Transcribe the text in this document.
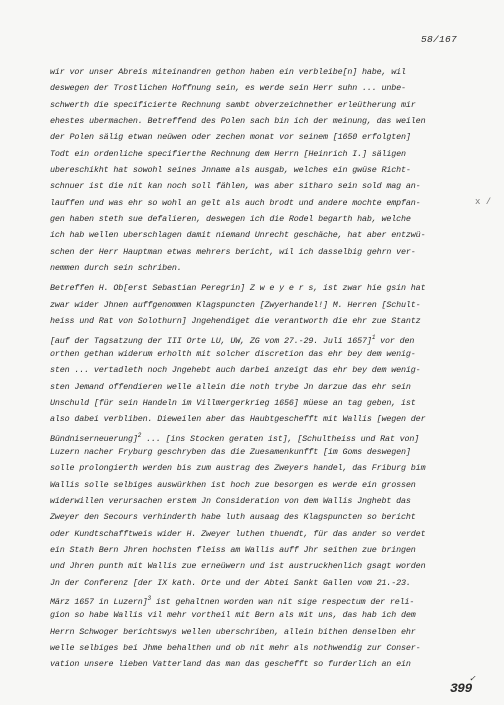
58/167
wir vor unser Abreis miteinandren gethon haben ein verbleibe[n] habe, wil
deswegen der Trostlichen Hoffnung sein, es werde sein Herr suhn ... unbe-
schwerth die specificierte Rechnung sambt obverzeichnether erleütherung mir
ehestes ubermachen. Betreffend des Polen sach bin ich der meinung, das weilen
der Polen sälig etwan neüwen oder zechen monat vor seinem [1650 erfolgten]
Todt ein ordenliche specifierthe Rechnung dem Herrn [Heinrich I.] säligen
ubereschikht hat sowohl seines Jnname als ausgab, welches ein gwüse Richt-
schnuer ist die nit kan noch soll fählen, was aber sitharo sein sold mag an-
lauffen und was ehr so wohl an gelt als auch brodt und andere mochte empfan-
gen haben steth sue defalieren, deswegen ich die Rodel begarth hab, welche
ich hab wellen uberschlagen damit niemand Unrecht geschäche, hat aber entzwü-
schen der Herr Hauptman etwas mehrers bericht, wil ich dasselbig gehrn ver-
nemmen durch sein schriben.
Betreffen H. Ob[erst Sebastian Peregrin] Z w e y e r s, ist zwar hie gsin hat
zwar wider Jhnen auffgenommen Klagspuncten [Zwyerhandel!] M. Herren [Schult-
heiss und Rat von Solothurn] Jngehendiget die verantworth die ehr zue Stantz
[auf der Tagsatzung der III Orte LU, UW, ZG vom 27.-29. Juli 1657]$^1$ vor den
orthen gethan widerum erholth mit solcher discretion das ehr bey dem wenig-
sten ... vertadleth noch Jngehebt auch darbei anzeigt das ehr bey dem wenig-
sten Jemand offendieren welle allein die noth trybe Jn darzue das ehr sein
Unschuld [für sein Handeln im Villmergerkrieg 1656] müese an tag geben, ist
also dabei verbliben. Dieweilen aber das Haubtgeschefft mit Wallis [wegen der
Bündniserneuerung]$^2$ ... [ins Stocken geraten ist], [Schultheiss und Rat von]
Luzern nacher Fryburg geschryben das die Zuesamenkunfft [im Goms deswegen]
solle prolongierth werden bis zum austrag des Zweyers handel, das Friburg bim
Wallis solle selbiges auswürkhen ist hoch zue besorgen es werde ein grossen
widerwillen verursachen erstem Jn Consideration von dem Wallis Jnghebt das
Zweyer den Secours verhinderth habe luth ausaag des Klagspuncten so bericht
oder Kundtschafftweis wider H. Zweyer luthen thuendt, für das ander so verdet
ein Stath Bern Jhren hochsten fleiss am Wallis auff Jhr seithen zue bringen
und Jhren punth mit Wallis zue erneüwern und ist austruckhenlich gsagt worden
Jn der Conferenz [der IX kath. Orte und der Abtei Sankt Gallen vom 21.-23.
März 1657 in Luzern]$^3$ ist gehaltnen worden wan nit sige respectum der reli-
gion so habe Wallis vil mehr vortheil mit Bern als mit uns, das hab ich dem
Herrn Schwoger berichtswys wellen uberschriben, allein bithen denselben ehr
welle selbiges bei Jhme behalthen und ob nit mehr als nothwendig zur Conser-
vation unsere lieben Vatterland das man das geschefft so furderlich an ein
x /
✓
399
